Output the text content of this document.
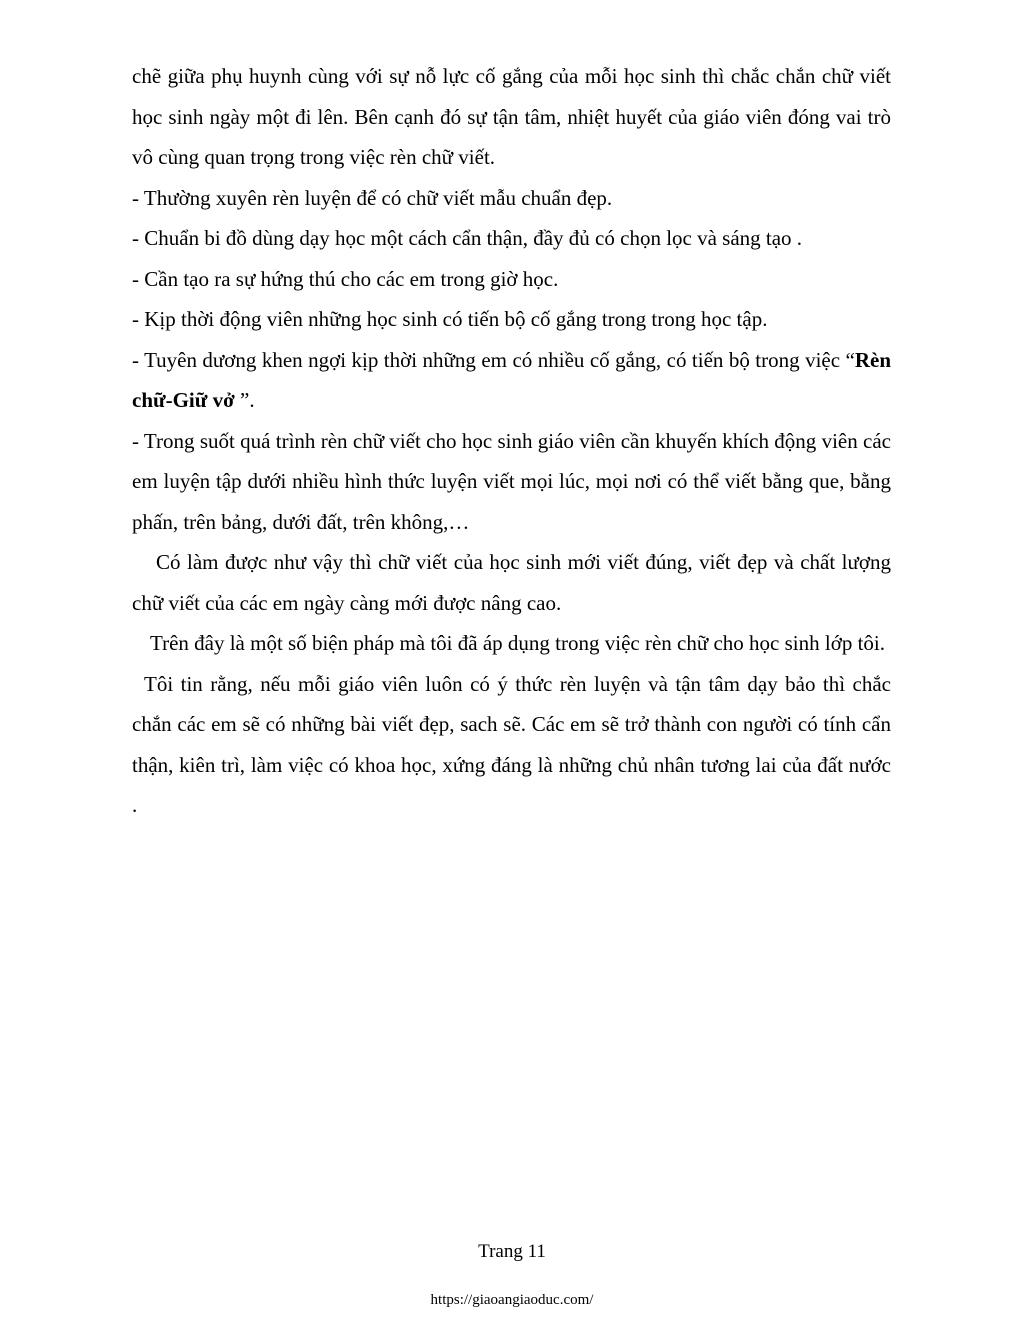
chẽ giữa phụ huynh cùng với sự nỗ lực cố gắng của mỗi học sinh thì chắc chắn chữ viết học sinh ngày một đi lên. Bên cạnh đó sự tận tâm, nhiệt huyết của giáo viên đóng vai trò vô cùng quan trọng trong việc rèn chữ viết.

- Thường xuyên rèn luyện để có chữ viết mẫu chuẩn đẹp.

- Chuẩn bi đồ dùng dạy học một cách cẩn thận, đầy đủ có chọn lọc và sáng tạo .

- Cần tạo ra sự hứng thú cho các em trong giờ học.

- Kịp thời động viên những học sinh có tiến bộ cố gắng trong trong học tập.

- Tuyên dương khen ngợi kịp thời những em có nhiều cố gắng, có tiến bộ trong việc “Rèn chữ-Giữ vở ”.

- Trong suốt quá trình rèn chữ viết cho học sinh giáo viên cần khuyến khích động viên các em luyện tập dưới nhiều hình thức luyện viết mọi lúc, mọi nơi có thể viết bằng que, bằng phấn, trên bảng, dưới đất, trên không,…

Có làm được như vậy thì chữ viết của học sinh mới viết đúng, viết đẹp và chất lượng chữ viết của các em ngày càng mới được nâng cao.

Trên đây là một số biện pháp mà tôi đã áp dụng trong việc rèn chữ cho học sinh lớp tôi.

Tôi tin rằng, nếu mỗi giáo viên luôn có ý thức rèn luyện và tận tâm dạy bảo thì chắc chắn các em sẽ có những bài viết đẹp, sach sẽ. Các em sẽ trở thành con người có tính cẩn thận, kiên trì, làm việc có khoa học, xứng đáng là những chủ nhân tương lai của đất nước .

Trang 11
https://giaoangiaoduc.com/
